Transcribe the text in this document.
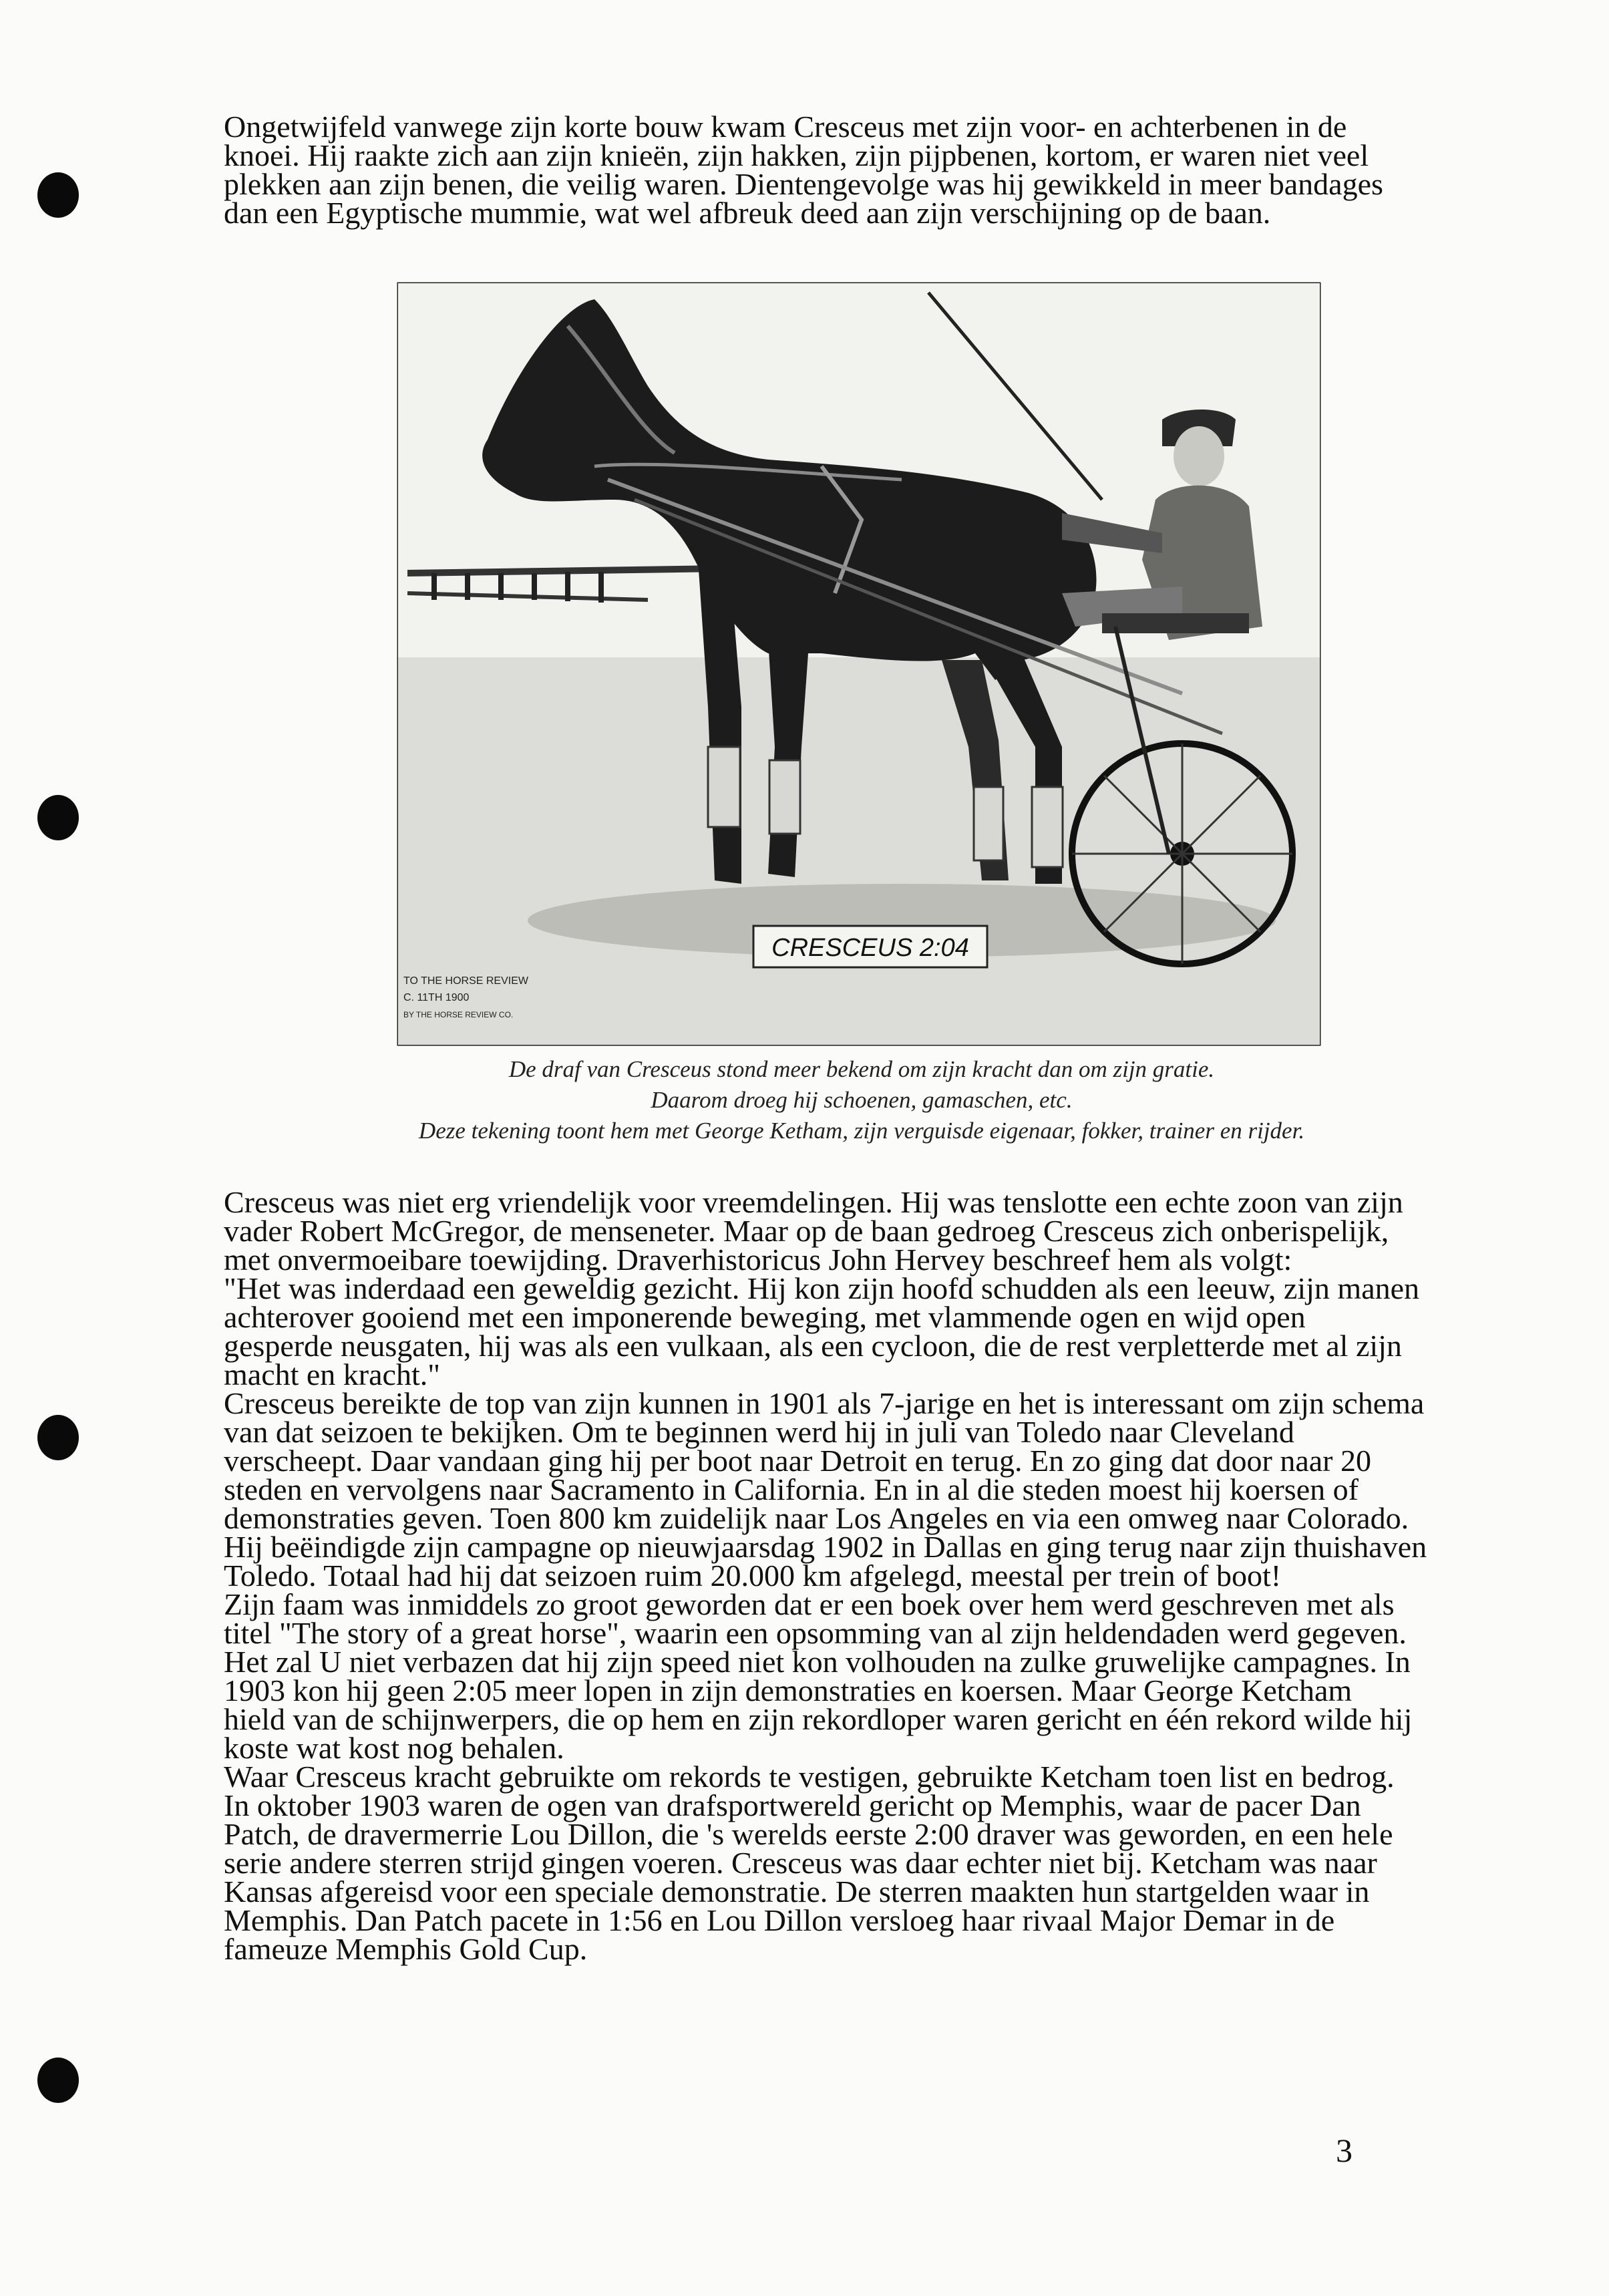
Ongetwijfeld vanwege zijn korte bouw kwam Cresceus met zijn voor- en achterbenen in de

knoei. Hij raakte zich aan zijn knieën, zijn hakken, zijn pijpbenen, kortom, er waren niet veel

plekken aan zijn benen, die veilig waren. Dientengevolge was hij gewikkeld in meer bandages

dan een Egyptische mummie, wat wel afbreuk deed aan zijn verschijning op de baan.

CRESCEUS 2:04
TO THE HORSE REVIEW
C. 11TH 1900
BY THE HORSE REVIEW CO.
De draf van Cresceus stond meer bekend om zijn kracht dan om zijn gratie.
Daarom droeg hij schoenen, gamaschen, etc.
Deze tekening toont hem met George Ketham, zijn verguisde eigenaar, fokker, trainer en rijder.

Cresceus was niet erg vriendelijk voor vreemdelingen. Hij was tenslotte een echte zoon van zijn

vader Robert McGregor, de menseneter. Maar op de baan gedroeg Cresceus zich onberispelijk,

met onvermoeibare toewijding. Draverhistoricus John Hervey beschreef hem als volgt:

"Het was inderdaad een geweldig gezicht. Hij kon zijn hoofd schudden als een leeuw, zijn manen

achterover gooiend met een imponerende beweging, met vlammende ogen en wijd open

gesperde neusgaten, hij was als een vulkaan, als een cycloon, die de rest verpletterde met al zijn

macht en kracht."

Cresceus bereikte de top van zijn kunnen in 1901 als 7-jarige en het is interessant om zijn schema

van dat seizoen te bekijken. Om te beginnen werd hij in juli van Toledo naar Cleveland

verscheept. Daar vandaan ging hij per boot naar Detroit en terug. En zo ging dat door naar 20

steden en vervolgens naar Sacramento in California. En in al die steden moest hij koersen of

demonstraties geven. Toen 800 km zuidelijk naar Los Angeles en via een omweg naar Colorado.

Hij beëindigde zijn campagne op nieuwjaarsdag 1902 in Dallas en ging terug naar zijn thuishaven

Toledo. Totaal had hij dat seizoen ruim 20.000 km afgelegd, meestal per trein of boot!

Zijn faam was inmiddels zo groot geworden dat er een boek over hem werd geschreven met als

titel "The story of a great horse", waarin een opsomming van al zijn heldendaden werd gegeven.

Het zal U niet verbazen dat hij zijn speed niet kon volhouden na zulke gruwelijke campagnes. In

1903 kon hij geen 2:05 meer lopen in zijn demonstraties en koersen. Maar George Ketcham

hield van de schijnwerpers, die op hem en zijn rekordloper waren gericht en één rekord wilde hij

koste wat kost nog behalen.

Waar Cresceus kracht gebruikte om rekords te vestigen, gebruikte Ketcham toen list en bedrog.

In oktober 1903 waren de ogen van drafsportwereld gericht op Memphis, waar de pacer Dan

Patch, de dravermerrie Lou Dillon, die 's werelds eerste 2:00 draver was geworden, en een hele

serie andere sterren strijd gingen voeren. Cresceus was daar echter niet bij. Ketcham was naar

Kansas afgereisd voor een speciale demonstratie. De sterren maakten hun startgelden waar in

Memphis. Dan Patch pacete in 1:56 en Lou Dillon versloeg haar rivaal Major Demar in de

fameuze Memphis Gold Cup.

3
